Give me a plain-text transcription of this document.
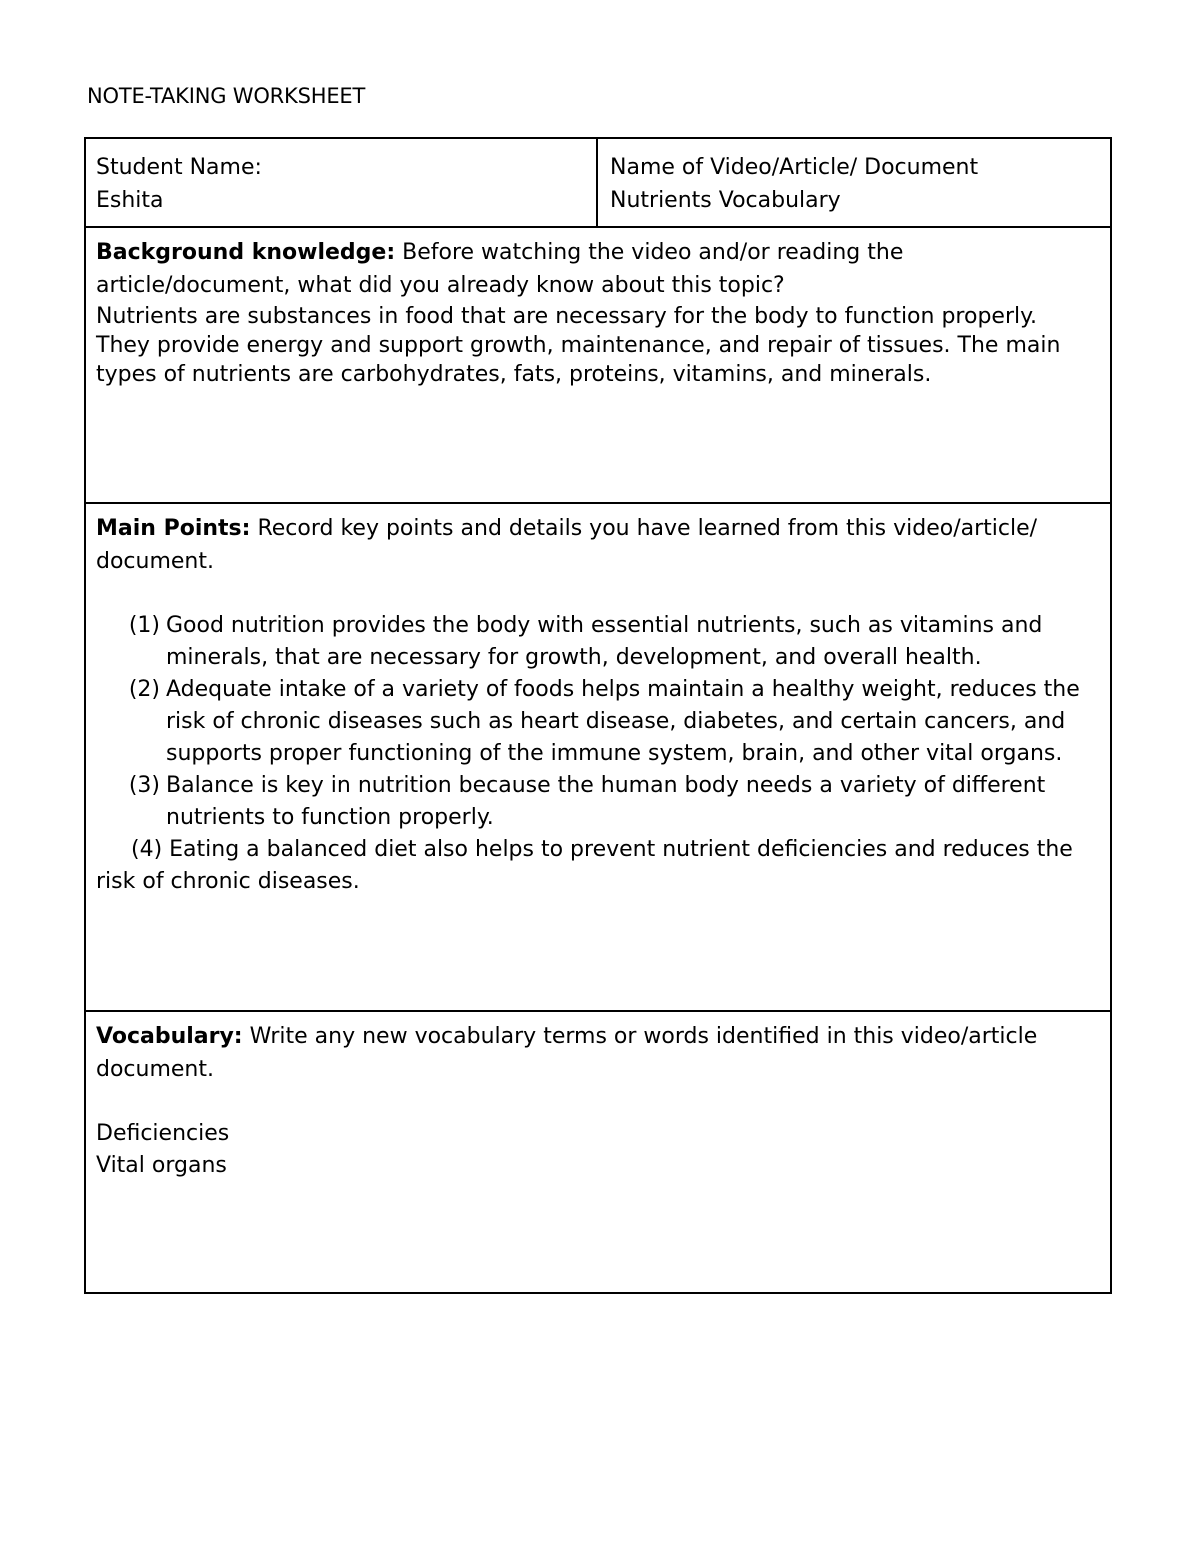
NOTE-TAKING WORKSHEET
Student Name:
Eshita
Name of Video/Article/ Document
Nutrients Vocabulary
Background knowledge: Before watching the video and/or reading the article/document, what did you already know about this topic?
Nutrients are substances in food that are necessary for the body to function properly. They provide energy and support growth, maintenance, and repair of tissues. The main types of nutrients are carbohydrates, fats, proteins, vitamins, and minerals.
Main Points: Record key points and details you have learned from this video/article/ document.
(1) Good nutrition provides the body with essential nutrients, such as vitamins and minerals, that are necessary for growth, development, and overall health.
(2) Adequate intake of a variety of foods helps maintain a healthy weight, reduces the risk of chronic diseases such as heart disease, diabetes, and certain cancers, and supports proper functioning of the immune system, brain, and other vital organs.
(3) Balance is key in nutrition because the human body needs a variety of different nutrients to function properly.
(4) Eating a balanced diet also helps to prevent nutrient deficiencies and reduces the risk of chronic diseases.
Vocabulary: Write any new vocabulary terms or words identified in this video/article document.
Deficiencies
Vital organs
